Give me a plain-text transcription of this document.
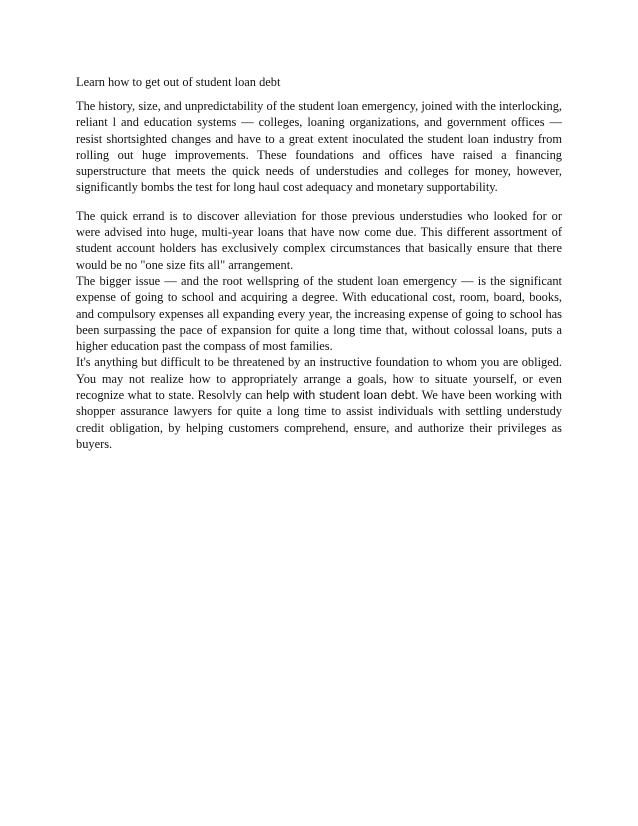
Learn how to get out of student loan debt

The history, size, and unpredictability of the student loan emergency, joined with the interlocking, reliant l and education systems — colleges, loaning organizations, and government offices — resist shortsighted changes and have to a great extent inoculated the student loan industry from rolling out huge improvements. These foundations and offices have raised a financing superstructure that meets the quick needs of understudies and colleges for money, however, significantly bombs the test for long haul cost adequacy and monetary supportability.

The quick errand is to discover alleviation for those previous understudies who looked for or were advised into huge, multi-year loans that have now come due. This different assortment of student account holders has exclusively complex circumstances that basically ensure that there would be no "one size fits all" arrangement.

The bigger issue — and the root wellspring of the student loan emergency — is the significant expense of going to school and acquiring a degree. With educational cost, room, board, books, and compulsory expenses all expanding every year, the increasing expense of going to school has been surpassing the pace of expansion for quite a long time that, without colossal loans, puts a higher education past the compass of most families.

It's anything but difficult to be threatened by an instructive foundation to whom you are obliged. You may not realize how to appropriately arrange a goals, how to situate yourself, or even recognize what to state. Resolvly can help with student loan debt. We have been working with shopper assurance lawyers for quite a long time to assist individuals with settling understudy credit obligation, by helping customers comprehend, ensure, and authorize their privileges as buyers.
